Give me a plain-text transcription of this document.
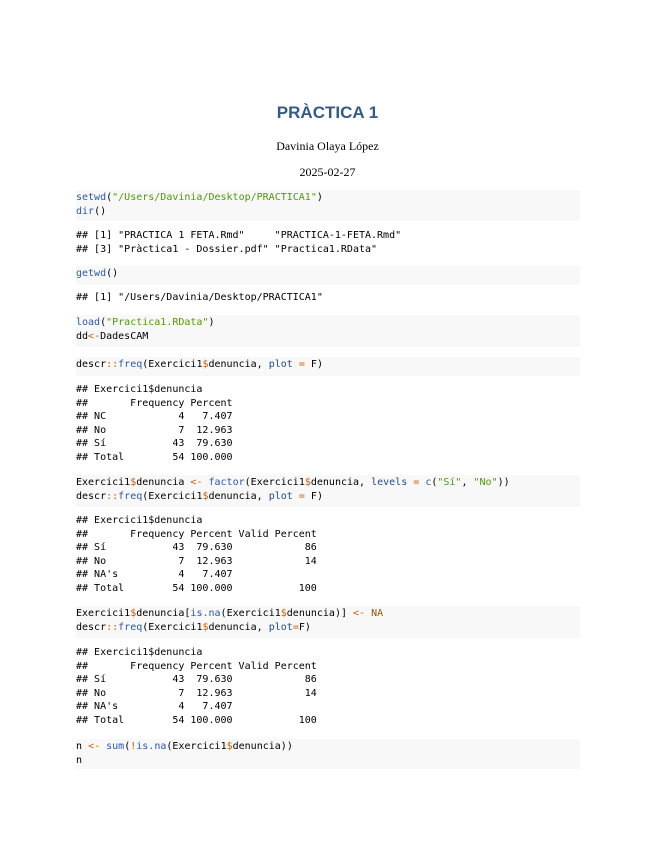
PRÀCTICA 1
Davinia Olaya López
2025-02-27
setwd("/Users/Davinia/Desktop/PRACTICA1")
dir()
## [1] "PRACTICA 1 FETA.Rmd"     "PRACTICA-1-FETA.Rmd"
## [3] "Pràctica1 - Dossier.pdf" "Practica1.RData"
getwd()
## [1] "/Users/Davinia/Desktop/PRACTICA1"
load("Practica1.RData")
dd<-DadesCAM
descr::freq(Exercici1$denuncia, plot = F)
## Exercici1$denuncia
##       Frequency Percent
## NC            4   7.407
## No            7  12.963
## Sí           43  79.630
## Total        54 100.000
Exercici1$denuncia <- factor(Exercici1$denuncia, levels = c("Sí", "No"))
descr::freq(Exercici1$denuncia, plot = F)
## Exercici1$denuncia
##       Frequency Percent Valid Percent
## Sí           43  79.630            86
## No            7  12.963            14
## NA's          4   7.407
## Total        54 100.000           100
Exercici1$denuncia[is.na(Exercici1$denuncia)] <- NA
descr::freq(Exercici1$denuncia, plot=F)
## Exercici1$denuncia
##       Frequency Percent Valid Percent
## Sí           43  79.630            86
## No            7  12.963            14
## NA's          4   7.407
## Total        54 100.000           100
n <- sum(!is.na(Exercici1$denuncia))
n
